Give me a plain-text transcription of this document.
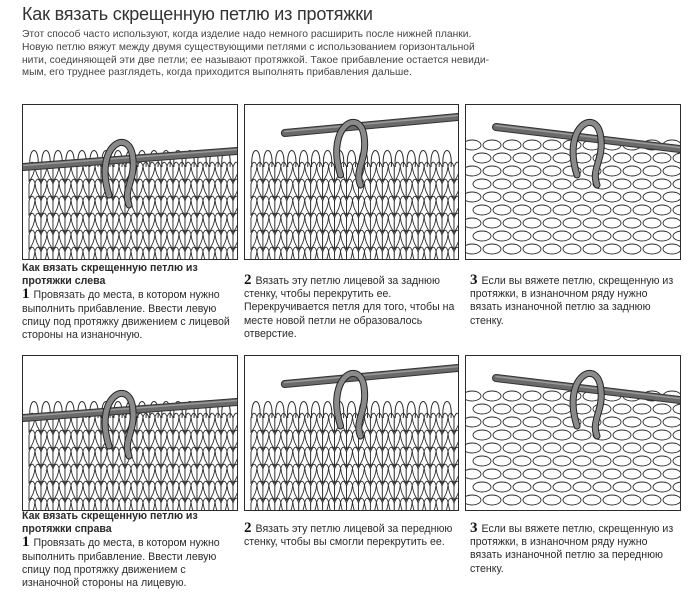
Как вязать скрещенную петлю из протяжки

Этот способ часто используют, когда изделие надо немного расширить после нижней планки.

Новую петлю вяжут между двумя существующими петлями с использованием горизонтальной

нити, соединяющей эти две петли; ее называют протяжкой. Такое прибавление остается невиди-

мым, его труднее разглядеть, когда приходится выполнять прибавления дальше.

Как вязать скрещенную петлю из протяжки слева
1 Провязать до места, в котором нужно выполнить прибавление. Ввести левую спицу под протяжку движением с лицевой стороны на изнаночную.
2 Вязать эту петлю лицевой за заднюю стенку, чтобы перекрутить ее. Перекручивается петля для того, чтобы на месте новой петли не образовалось отверстие.
3 Если вы вяжете петлю, скрещенную из протяжки, в изнаночном ряду нужно вязать изнаночной петлю за заднюю стенку.
Как вязать скрещенную петлю из протяжки справа
1 Провязать до места, в котором нужно выполнить прибавление. Ввести левую спицу под протяжку движением с изнаночной стороны на лицевую.
2 Вязать эту петлю лицевой за переднюю стенку, чтобы вы смогли перекрутить ее.
3 Если вы вяжете петлю, скрещенную из протяжки, в изнаночном ряду нужно вязать изнаночной петлю за переднюю стенку.
